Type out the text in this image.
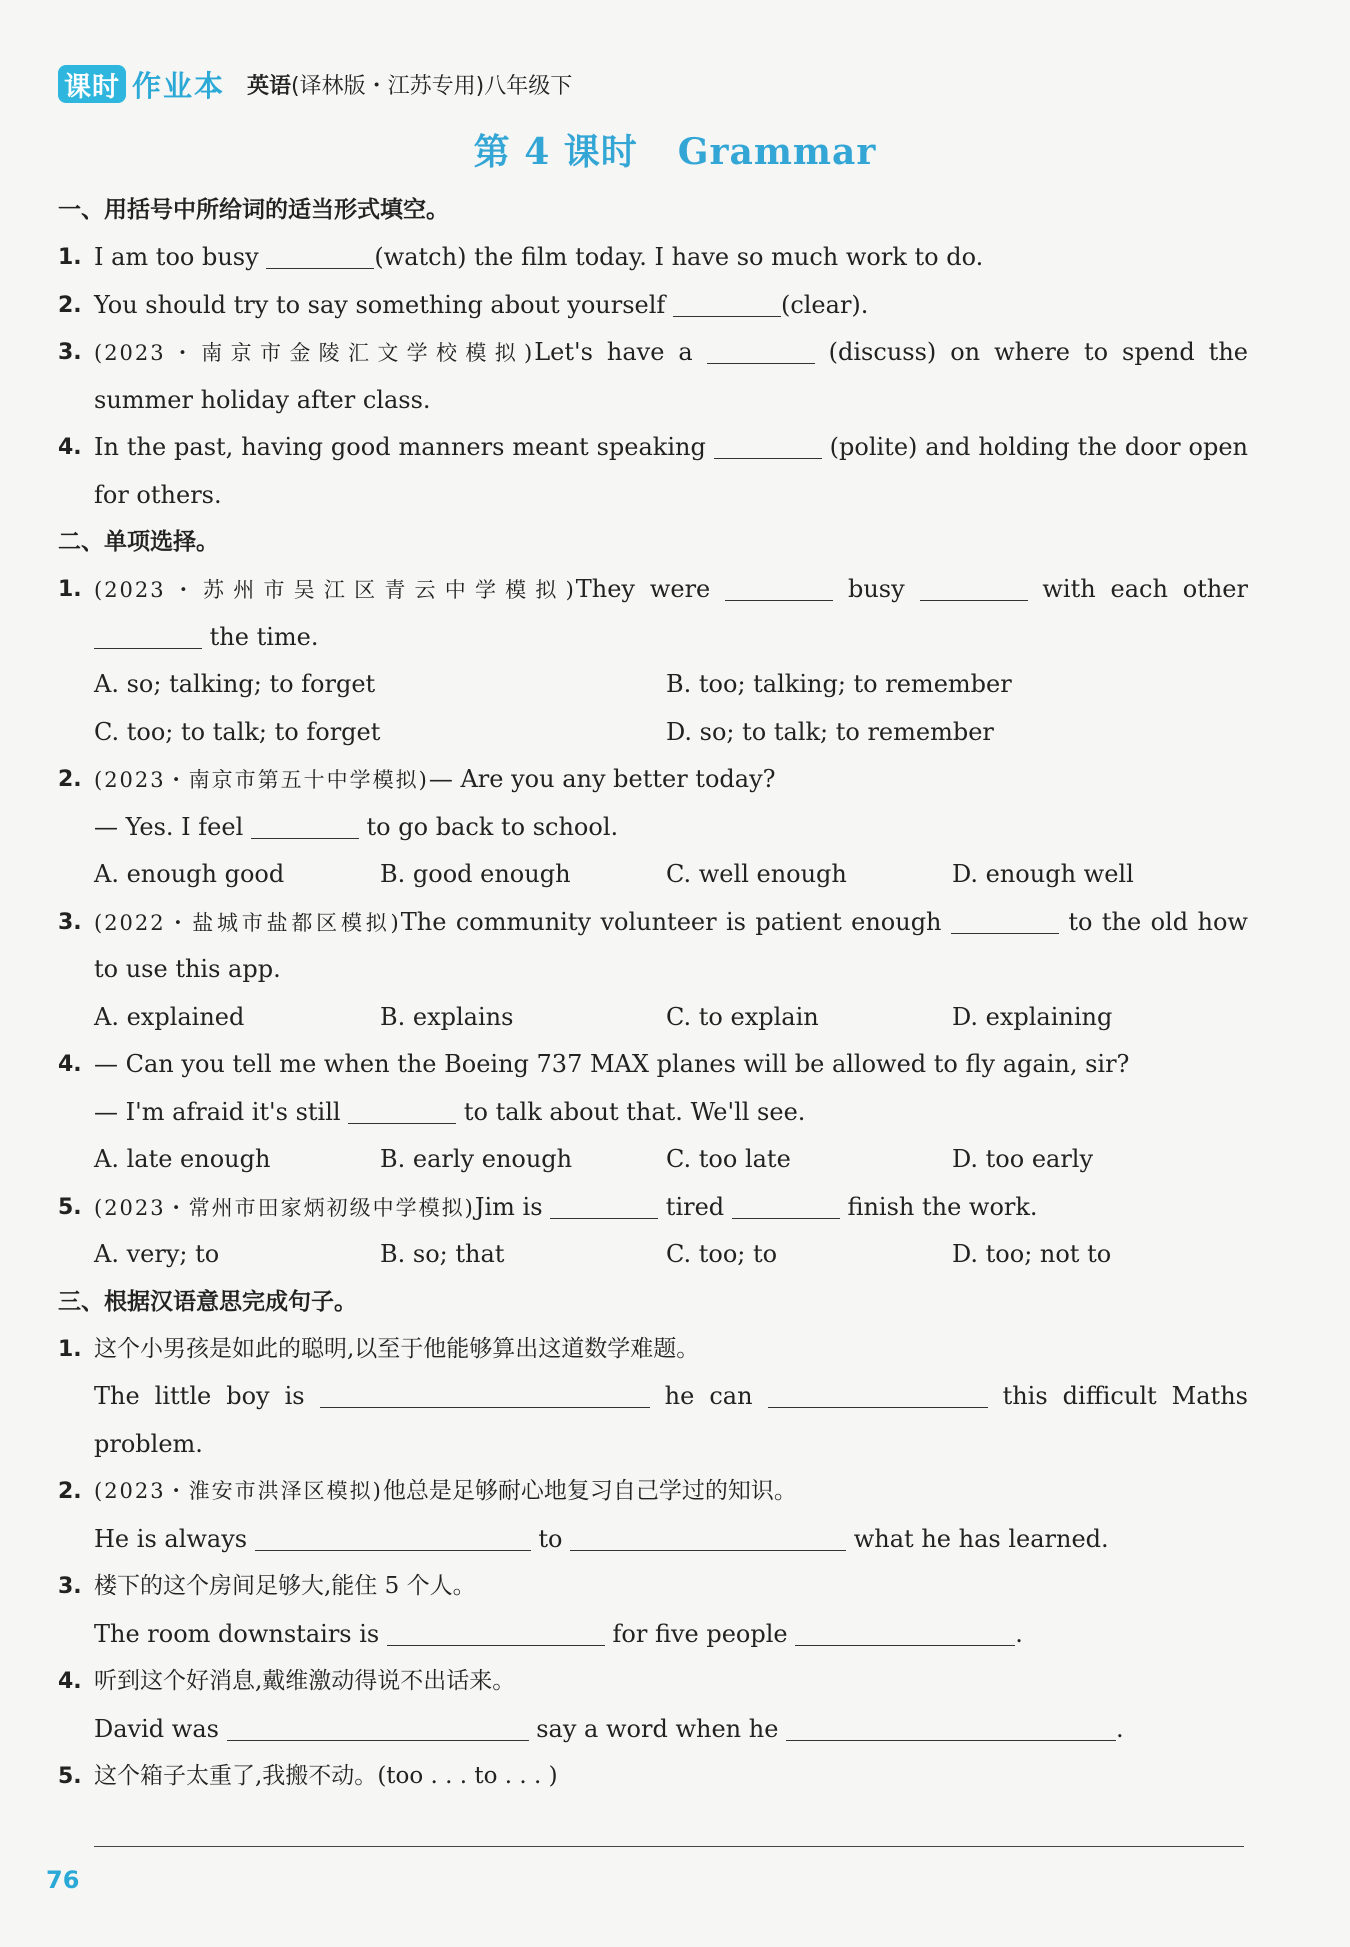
课时 作业本 英语(译林版・江苏专用)八年级下
第 4 课时 Grammar
一、用括号中所给词的适当形式填空。
1. I am too busy	(watch) the film today. I have so much work to do.
2. You should try to say something about yourself	(clear).
3. (2023・南京市金陵汇文学校模拟)Let's have a	(discuss) on where to spend the
summer holiday after class.
4. In the past, having good manners meant speaking	(polite) and holding the door open
for others.
二、单项选择。
1. (2023・苏州市吴江区青云中学模拟)They were	busy	with each other
the time.
A. so; talking; to forget	B. too; talking; to remember
C. too; to talk; to forget	D. so; to talk; to remember
2. (2023・南京市第五十中学模拟)— Are you any better today?
— Yes. I feel	to go back to school.
A. enough good	B. good enough	C. well enough	D. enough well
3. (2022・盐城市盐都区模拟)The community volunteer is patient enough	to the old how
to use this app.
A. explained	B. explains	C. to explain	D. explaining
4. — Can you tell me when the Boeing 737 MAX planes will be allowed to fly again, sir?
— I'm afraid it's still	to talk about that. We'll see.
A. late enough	B. early enough	C. too late	D. too early
5. (2023・常州市田家炳初级中学模拟)Jim is	tired	finish the work.
A. very; to	B. so; that	C. too; to	D. too; not to
三、根据汉语意思完成句子。
1. 这个小男孩是如此的聪明,以至于他能够算出这道数学难题。
The little boy is	he can	this difficult Maths
problem.
2. (2023・淮安市洪泽区模拟)他总是足够耐心地复习自己学过的知识。
He is always	to	what he has learned.
3. 楼下的这个房间足够大,能住 5 个人。
The room downstairs is	for five people	.
4. 听到这个好消息,戴维激动得说不出话来。
David was	say a word when he	.
5. 这个箱子太重了,我搬不动。(too . . . to . . . )
76
